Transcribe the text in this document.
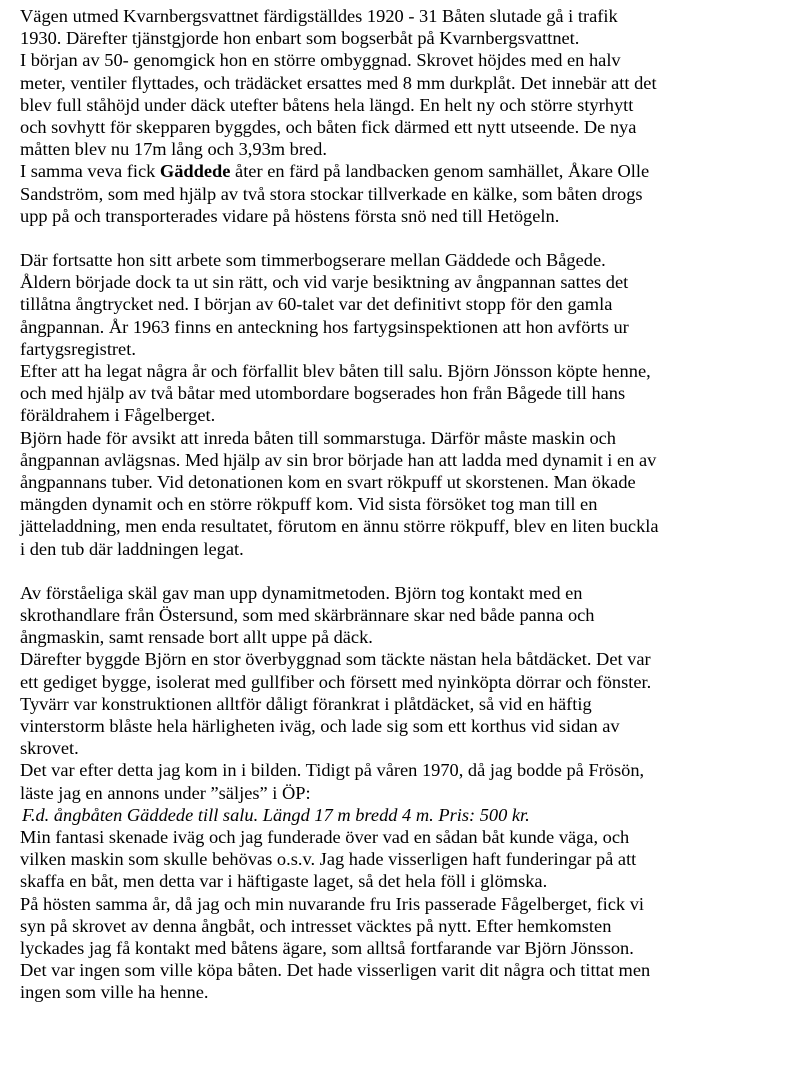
Vägen utmed Kvarnbergsvattnet färdigställdes 1920 - 31 Båten slutade gå i trafik
1930. Därefter tjänstgjorde hon enbart som bogserbåt på Kvarnbergsvattnet.
I början av 50- genomgick hon en större ombyggnad. Skrovet höjdes med en halv
meter, ventiler flyttades, och trädäcket ersattes med 8 mm durkplåt. Det innebär att det
blev full ståhöjd under däck utefter båtens hela längd. En helt ny och större styrhytt
och sovhytt för skepparen byggdes, och båten fick därmed ett nytt utseende. De nya
måtten blev nu 17m lång och 3,93m bred.
I samma veva fick Gäddede åter en färd på landbacken genom samhället, Åkare Olle
Sandström, som med hjälp av två stora stockar tillverkade en kälke, som båten drogs
upp på och transporterades vidare på höstens första snö ned till Hetögeln.
Där fortsatte hon sitt arbete som timmerbogserare mellan Gäddede och Bågede.
Åldern började dock ta ut sin rätt, och vid varje besiktning av ångpannan sattes det
tillåtna ångtrycket ned. I början av 60-talet var det definitivt stopp för den gamla
ångpannan. År 1963 finns en anteckning hos fartygsinspektionen att hon avförts ur
fartygsregistret.
Efter att ha legat några år och förfallit blev båten till salu. Björn Jönsson köpte henne,
och med hjälp av två båtar med utombordare bogserades hon från Bågede till hans
föräldrahem i Fågelberget.
Björn hade för avsikt att inreda båten till sommarstuga. Därför måste maskin och
ångpannan avlägsnas. Med hjälp av sin bror började han att ladda med dynamit i en av
ångpannans tuber. Vid detonationen kom en svart rökpuff ut skorstenen. Man ökade
mängden dynamit och en större rökpuff kom. Vid sista försöket tog man till en
jätteladdning, men enda resultatet, förutom en ännu större rökpuff, blev en liten buckla
i den tub där laddningen legat.
Av förståeliga skäl gav man upp dynamitmetoden. Björn tog kontakt med en
skrothandlare från Östersund, som med skärbrännare skar ned både panna och
ångmaskin, samt rensade bort allt uppe på däck.
Därefter byggde Björn en stor överbyggnad som täckte nästan hela båtdäcket. Det var
ett gediget bygge, isolerat med gullfiber och försett med nyinköpta dörrar och fönster.
Tyvärr var konstruktionen alltför dåligt förankrat i plåtdäcket, så vid en häftig
vinterstorm blåste hela härligheten iväg, och lade sig som ett korthus vid sidan av
skrovet.
Det var efter detta jag kom in i bilden. Tidigt på våren 1970, då jag bodde på Frösön,
läste jag en annons under ”säljes” i ÖP:
F.d. ångbåten Gäddede till salu. Längd 17 m bredd 4 m. Pris: 500 kr.
Min fantasi skenade iväg och jag funderade över vad en sådan båt kunde väga, och
vilken maskin som skulle behövas o.s.v. Jag hade visserligen haft funderingar på att
skaffa en båt, men detta var i häftigaste laget, så det hela föll i glömska.
På hösten samma år, då jag och min nuvarande fru Iris passerade Fågelberget, fick vi
syn på skrovet av denna ångbåt, och intresset väcktes på nytt. Efter hemkomsten
lyckades jag få kontakt med båtens ägare, som alltså fortfarande var Björn Jönsson.
Det var ingen som ville köpa båten. Det hade visserligen varit dit några och tittat men
ingen som ville ha henne.
